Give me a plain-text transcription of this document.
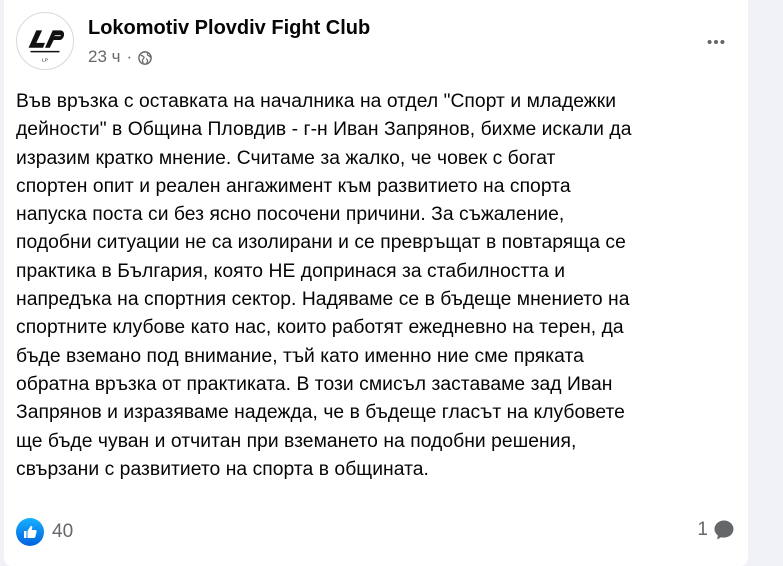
LP
Lokomotiv Plovdiv Fight Club
23 ч ·
Във връзка с оставката на началника на отдел "Спорт и младежки
дейности" в Община Пловдив - г-н Иван Запрянов, бихме искали да
изразим кратко мнение. Считаме за жалко, че човек с богат
спортен опит и реален ангажимент към развитието на спорта
напуска поста си без ясно посочени причини. За съжаление,
подобни ситуации не са изолирани и се превръщат в повтаряща се
практика в България, която НЕ допринася за стабилността и
напредъка на спортния сектор. Надяваме се в бъдеще мнението на
спортните клубове като нас, които работят ежедневно на терен, да
бъде вземано под внимание, тъй като именно ние сме пряката
обратна връзка от практиката. В този смисъл заставаме зад Иван
Запрянов и изразяваме надежда, че в бъдеще гласът на клубовете
ще бъде чуван и отчитан при вземането на подобни решения,
свързани с развитието на спорта в общината.
40	1
